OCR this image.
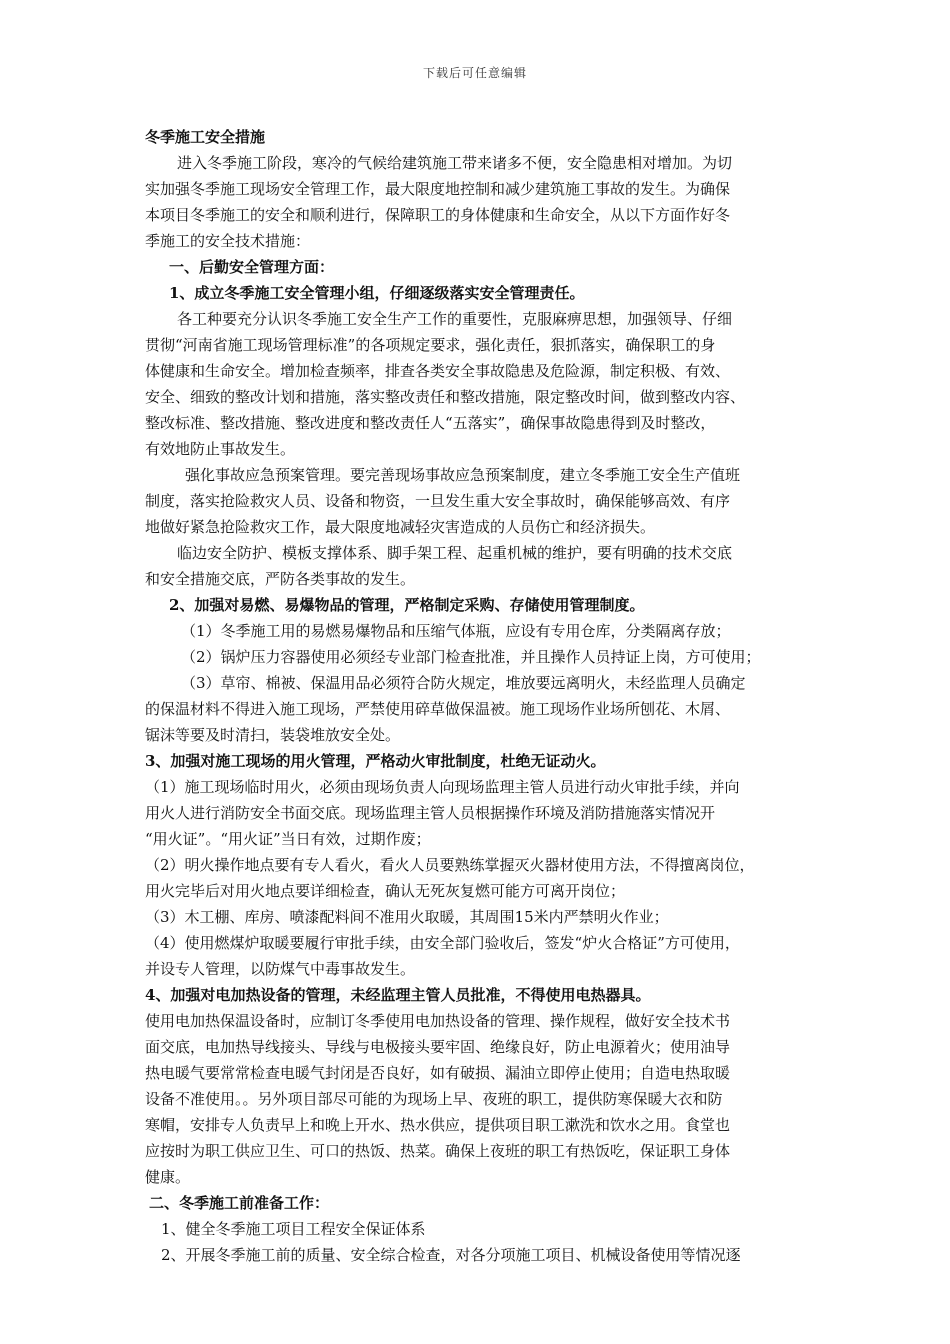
下载后可任意编辑

冬季施工安全措施

进入冬季施工阶段，寒冷的气候给建筑施工带来诸多不便，安全隐患相对增加。为切

实加强冬季施工现场安全管理工作，最大限度地控制和减少建筑施工事故的发生。为确保

本项目冬季施工的安全和顺利进行，保障职工的身体健康和生命安全，从以下方面作好冬

季施工的安全技术措施：

一、后勤安全管理方面：

1、成立冬季施工安全管理小组，仔细逐级落实安全管理责任。

各工种要充分认识冬季施工安全生产工作的重要性，克服麻痹思想，加强领导、仔细

贯彻“河南省施工现场管理标准”的各项规定要求，强化责任，狠抓落实，确保职工的身

体健康和生命安全。增加检查频率，排查各类安全事故隐患及危险源，制定积极、有效、

安全、细致的整改计划和措施，落实整改责任和整改措施，限定整改时间，做到整改内容、

整改标准、整改措施、整改进度和整改责任人“五落实”，确保事故隐患得到及时整改，

有效地防止事故发生。

强化事故应急预案管理。要完善现场事故应急预案制度，建立冬季施工安全生产值班

制度，落实抢险救灾人员、设备和物资，一旦发生重大安全事故时，确保能够高效、有序

地做好紧急抢险救灾工作，最大限度地减轻灾害造成的人员伤亡和经济损失。

临边安全防护、模板支撑体系、脚手架工程、起重机械的维护，要有明确的技术交底

和安全措施交底，严防各类事故的发生。

2、加强对易燃、易爆物品的管理，严格制定采购、存储使用管理制度。

（1）冬季施工用的易燃易爆物品和压缩气体瓶，应设有专用仓库，分类隔离存放；

（2）锅炉压力容器使用必须经专业部门检查批准，并且操作人员持证上岗，方可使用；

（3）草帘、棉被、保温用品必须符合防火规定，堆放要远离明火，未经监理人员确定

的保温材料不得进入施工现场，严禁使用碎草做保温被。施工现场作业场所刨花、木屑、

锯沫等要及时清扫，装袋堆放安全处。

3、加强对施工现场的用火管理，严格动火审批制度，杜绝无证动火。

（1）施工现场临时用火，必须由现场负责人向现场监理主管人员进行动火审批手续，并向

用火人进行消防安全书面交底。现场监理主管人员根据操作环境及消防措施落实情况开

“用火证”。“用火证”当日有效，过期作废；

（2）明火操作地点要有专人看火，看火人员要熟练掌握灭火器材使用方法，不得擅离岗位，

用火完毕后对用火地点要详细检查，确认无死灰复燃可能方可离开岗位；

（3）木工棚、库房、喷漆配料间不准用火取暖，其周围15米内严禁明火作业；

（4）使用燃煤炉取暖要履行审批手续，由安全部门验收后，签发“炉火合格证”方可使用，

并设专人管理，以防煤气中毒事故发生。

4、加强对电加热设备的管理，未经监理主管人员批准，不得使用电热器具。

使用电加热保温设备时，应制订冬季使用电加热设备的管理、操作规程，做好安全技术书

面交底，电加热导线接头、导线与电极接头要牢固、绝缘良好，防止电源着火；使用油导

热电暖气要常常检查电暖气封闭是否良好，如有破损、漏油立即停止使用；自造电热取暖

设备不准使用。。另外项目部尽可能的为现场上早、夜班的职工，提供防寒保暖大衣和防

寒帽，安排专人负责早上和晚上开水、热水供应，提供项目职工漱洗和饮水之用。食堂也

应按时为职工供应卫生、可口的热饭、热菜。确保上夜班的职工有热饭吃，保证职工身体

健康。

二、冬季施工前准备工作：

1、健全冬季施工项目工程安全保证体系

2、开展冬季施工前的质量、安全综合检查，对各分项施工项目、机械设备使用等情况逐
